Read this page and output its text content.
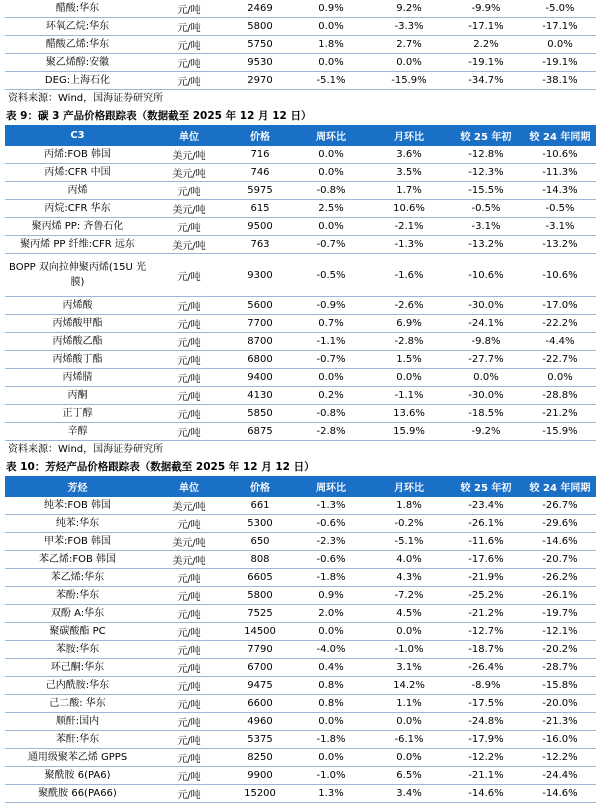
醋酸:华东	元/吨	2469	0.9%	9.2%	-9.9%	-5.0%
环氧乙烷:华东	元/吨	5800	0.0%	-3.3%	-17.1%	-17.1%
醋酸乙烯:华东	元/吨	5750	1.8%	2.7%	2.2%	0.0%
聚乙烯醇:安徽	元/吨	9530	0.0%	0.0%	-19.1%	-19.1%
DEG:上海石化	元/吨	2970	-5.1%	-15.9%	-34.7%	-38.1%
资料来源：Wind，国海证券研究所
表 9：碳 3 产品价格跟踪表（数据截至 2025 年 12 月 12 日）
C3	单位	价格	周环比	月环比	较 25 年初	较 24 年同期
丙烯:FOB 韩国	美元/吨	716	0.0%	3.6%	-12.8%	-10.6%
丙烯:CFR 中国	美元/吨	746	0.0%	3.5%	-12.3%	-11.3%
丙烯	元/吨	5975	-0.8%	1.7%	-15.5%	-14.3%
丙烷:CFR 华东	美元/吨	615	2.5%	10.6%	-0.5%	-0.5%
聚丙烯 PP: 齐鲁石化	元/吨	9500	0.0%	-2.1%	-3.1%	-3.1%
聚丙烯 PP 纤维:CFR 远东	美元/吨	763	-0.7%	-1.3%	-13.2%	-13.2%
BOPP 双向拉伸聚丙烯(15U 光膜)	元/吨	9300	-0.5%	-1.6%	-10.6%	-10.6%
丙烯酸	元/吨	5600	-0.9%	-2.6%	-30.0%	-17.0%
丙烯酸甲酯	元/吨	7700	0.7%	6.9%	-24.1%	-22.2%
丙烯酸乙酯	元/吨	8700	-1.1%	-2.8%	-9.8%	-4.4%
丙烯酸丁酯	元/吨	6800	-0.7%	1.5%	-27.7%	-22.7%
丙烯腈	元/吨	9400	0.0%	0.0%	0.0%	0.0%
丙酮	元/吨	4130	0.2%	-1.1%	-30.0%	-28.8%
正丁醇	元/吨	5850	-0.8%	13.6%	-18.5%	-21.2%
辛醇	元/吨	6875	-2.8%	15.9%	-9.2%	-15.9%
资料来源：Wind，国海证券研究所
表 10：芳烃产品价格跟踪表（数据截至 2025 年 12 月 12 日）
芳烃	单位	价格	周环比	月环比	较 25 年初	较 24 年同期
纯苯:FOB 韩国	美元/吨	661	-1.3%	1.8%	-23.4%	-26.7%
纯苯:华东	元/吨	5300	-0.6%	-0.2%	-26.1%	-29.6%
甲苯:FOB 韩国	美元/吨	650	-2.3%	-5.1%	-11.6%	-14.6%
苯乙烯:FOB 韩国	美元/吨	808	-0.6%	4.0%	-17.6%	-20.7%
苯乙烯:华东	元/吨	6605	-1.8%	4.3%	-21.9%	-26.2%
苯酚:华东	元/吨	5800	0.9%	-7.2%	-25.2%	-26.1%
双酚 A:华东	元/吨	7525	2.0%	4.5%	-21.2%	-19.7%
聚碳酸酯 PC	元/吨	14500	0.0%	0.0%	-12.7%	-12.1%
苯胺:华东	元/吨	7790	-4.0%	-1.0%	-18.7%	-20.2%
环己酮:华东	元/吨	6700	0.4%	3.1%	-26.4%	-28.7%
己内酰胺:华东	元/吨	9475	0.8%	14.2%	-8.9%	-15.8%
己二酸: 华东	元/吨	6600	0.8%	1.1%	-17.5%	-20.0%
顺酐:国内	元/吨	4960	0.0%	0.0%	-24.8%	-21.3%
苯酐:华东	元/吨	5375	-1.8%	-6.1%	-17.9%	-16.0%
通用级聚苯乙烯 GPPS	元/吨	8250	0.0%	0.0%	-12.2%	-12.2%
聚酰胺 6(PA6)	元/吨	9900	-1.0%	6.5%	-21.1%	-24.4%
聚酰胺 66(PA66)	元/吨	15200	1.3%	3.4%	-14.6%	-14.6%
